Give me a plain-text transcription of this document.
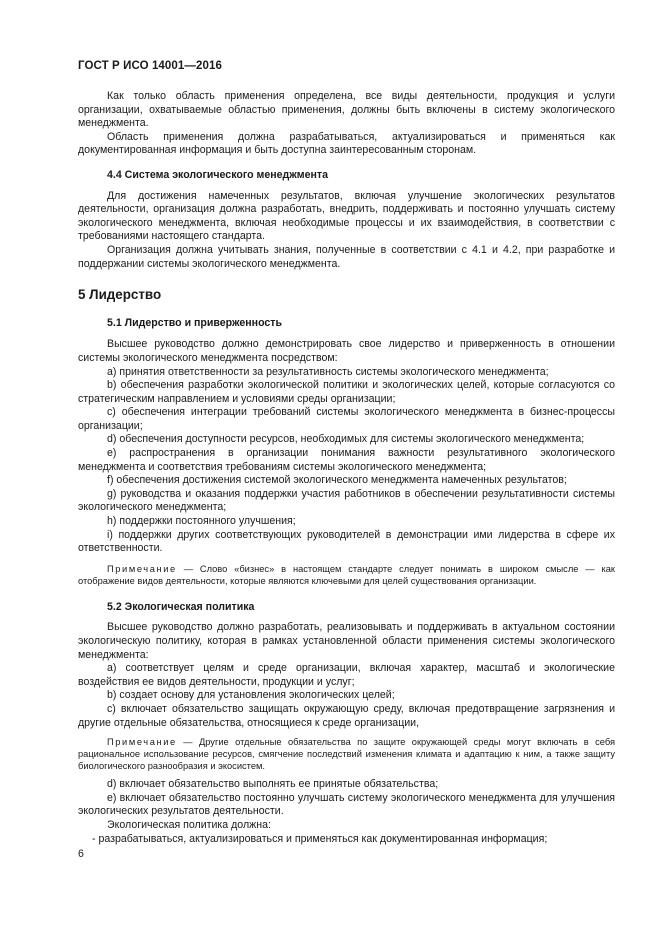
ГОСТ Р ИСО 14001—2016

Как только область применения определена, все виды деятельности, продукция и услуги организации, охватываемые областью применения, должны быть включены в систему экологического менеджмента.

Область применения должна разрабатываться, актуализироваться и применяться как документированная информация и быть доступна заинтересованным сторонам.

4.4 Система экологического менеджмента

Для достижения намеченных результатов, включая улучшение экологических результатов деятельности, организация должна разработать, внедрить, поддерживать и постоянно улучшать систему экологического менеджмента, включая необходимые процессы и их взаимодействия, в соответствии с требованиями настоящего стандарта.

Организация должна учитывать знания, полученные в соответствии с 4.1 и 4.2, при разработке и поддержании системы экологического менеджмента.

5 Лидерство

5.1 Лидерство и приверженность

Высшее руководство должно демонстрировать свое лидерство и приверженность в отношении системы экологического менеджмента посредством:

a) принятия ответственности за результативность системы экологического менеджмента;

b) обеспечения разработки экологической политики и экологических целей, которые согласуются со стратегическим направлением и условиями среды организации;

c) обеспечения интеграции требований системы экологического менеджмента в бизнес-процессы организации;

d) обеспечения доступности ресурсов, необходимых для системы экологического менеджмента;

e) распространения в организации понимания важности результативного экологического менеджмента и соответствия требованиям системы экологического менеджмента;

f) обеспечения достижения системой экологического менеджмента намеченных результатов;

g) руководства и оказания поддержки участия работников в обеспечении результативности системы экологического менеджмента;

h) поддержки постоянного улучшения;

i) поддержки других соответствующих руководителей в демонстрации ими лидерства в сфере их ответственности.

Примечание — Слово «бизнес» в настоящем стандарте следует понимать в широком смысле — как отображение видов деятельности, которые являются ключевыми для целей существования организации.

5.2 Экологическая политика

Высшее руководство должно разработать, реализовывать и поддерживать в актуальном состоянии экологическую политику, которая в рамках установленной области применения системы экологического менеджмента:

a) соответствует целям и среде организации, включая характер, масштаб и экологические воздействия ее видов деятельности, продукции и услуг;

b) создает основу для установления экологических целей;

c) включает обязательство защищать окружающую среду, включая предотвращение загрязнения и другие отдельные обязательства, относящиеся к среде организации,

Примечание — Другие отдельные обязательства по защите окружающей среды могут включать в себя рациональное использование ресурсов, смягчение последствий изменения климата и адаптацию к ним, а также защиту биологического разнообразия и экосистем.

d) включает обязательство выполнять ее принятые обязательства;

e) включает обязательство постоянно улучшать систему экологического менеджмента для улучшения экологических результатов деятельности.

Экологическая политика должна:

- разрабатываться, актуализироваться и применяться как документированная информация;

6
